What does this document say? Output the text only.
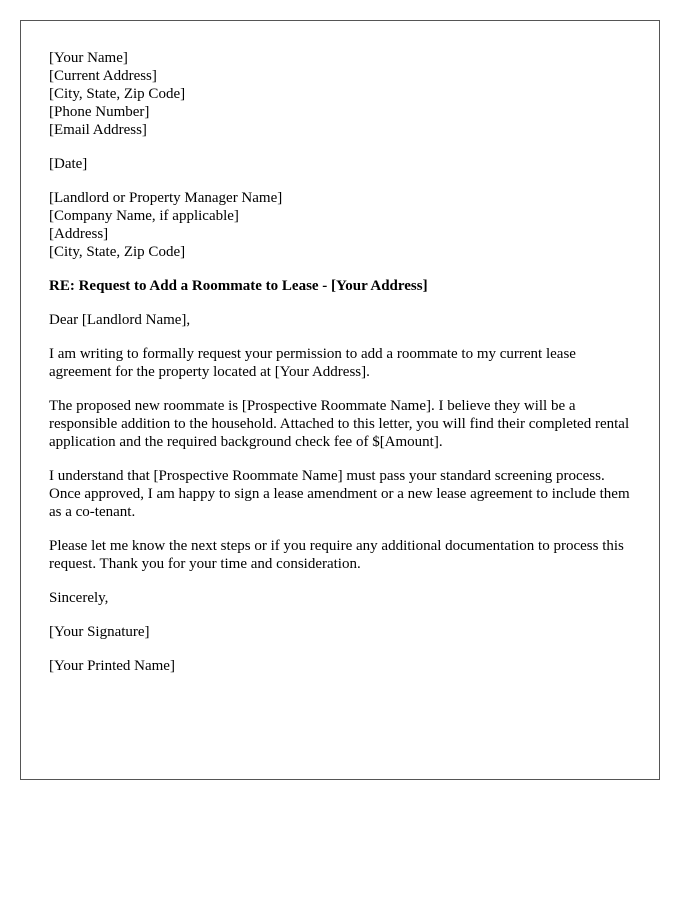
[Your Name]
[Current Address]
[City, State, Zip Code]
[Phone Number]
[Email Address]
[Date]
[Landlord or Property Manager Name]
[Company Name, if applicable]
[Address]
[City, State, Zip Code]

RE: Request to Add a Roommate to Lease - [Your Address]

Dear [Landlord Name],

I am writing to formally request your permission to add a roommate to my current lease agreement for the property located at [Your Address].

The proposed new roommate is [Prospective Roommate Name]. I believe they will be a responsible addition to the household. Attached to this letter, you will find their completed rental application and the required background check fee of $[Amount].

I understand that [Prospective Roommate Name] must pass your standard screening process. Once approved, I am happy to sign a lease amendment or a new lease agreement to include them as a co-tenant.

Please let me know the next steps or if you require any additional documentation to process this request. Thank you for your time and consideration.

Sincerely,

[Your Signature]

[Your Printed Name]
